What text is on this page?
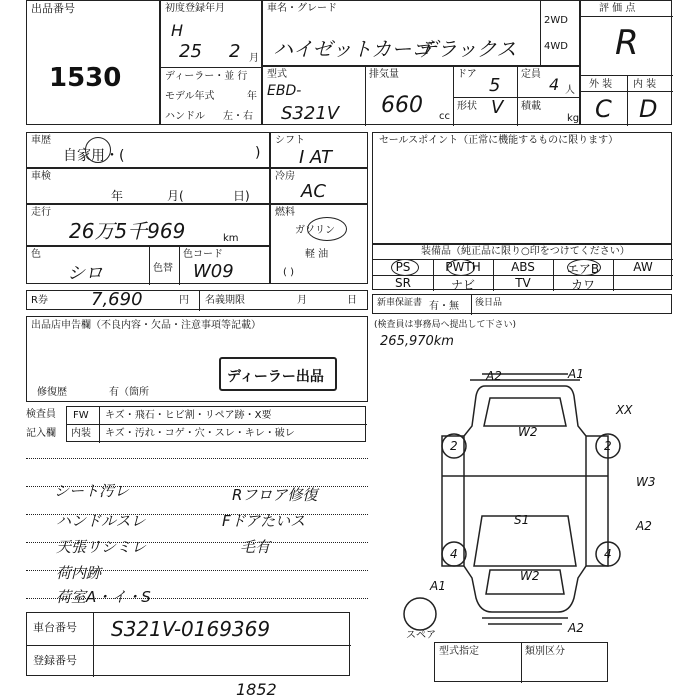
出品番号
1530
初度登録年月
H
25 2 月
ディーラー・並 行
モデル年式	年
ハンドル 左・右
車名・グレード
ハイゼットカーゴ
デラックス
2WD
4WD
評 価 点
R
外 装 内 装
C D
型式
EBD-
S321V
排気量
660 cc
ドア
5
形状 V
定員
4 人
積載
kg
車歴
自家用・(	)
シフト
I AT
車検
年	月(	日)
冷房
AC
走行
26万5千969	km
燃料
ガソリン
軽 油
( )
色
シロ	色替
色コード
W09
R券 7,690	円 名義期限	月	日
セールスポイント（正常に機能するものに限ります）
装備品（純正品に限り○印をつけてください）
PS	PWTH	ABS	エアB	AW
SR	ナビ	TV	カワ
新車保証書 有・無 後日品
(検査員は事務局へ提出して下さい)
265,970km
出品店申告欄（不良内容・欠品・注意事項等記載）
ディーラー出品
修復歴	有（箇所
検査員
記入欄
FW キズ・飛石・ヒビ割・リペア跡・X要
内装 キズ・汚れ・コゲ・穴・スレ・キレ・破レ
シート汚レ
ハンドルスレ
天張リシミレ
荷内跡
荷室A・イ・S
Rフロア修復
Fドアたいス
毛有
車台番号 S321V-0169369
登録番号
1852
A2	A1
W2
XX
W3
A2
S1
W2
A1
A2
2	2
4	4
スペア
型式指定	類別区分
